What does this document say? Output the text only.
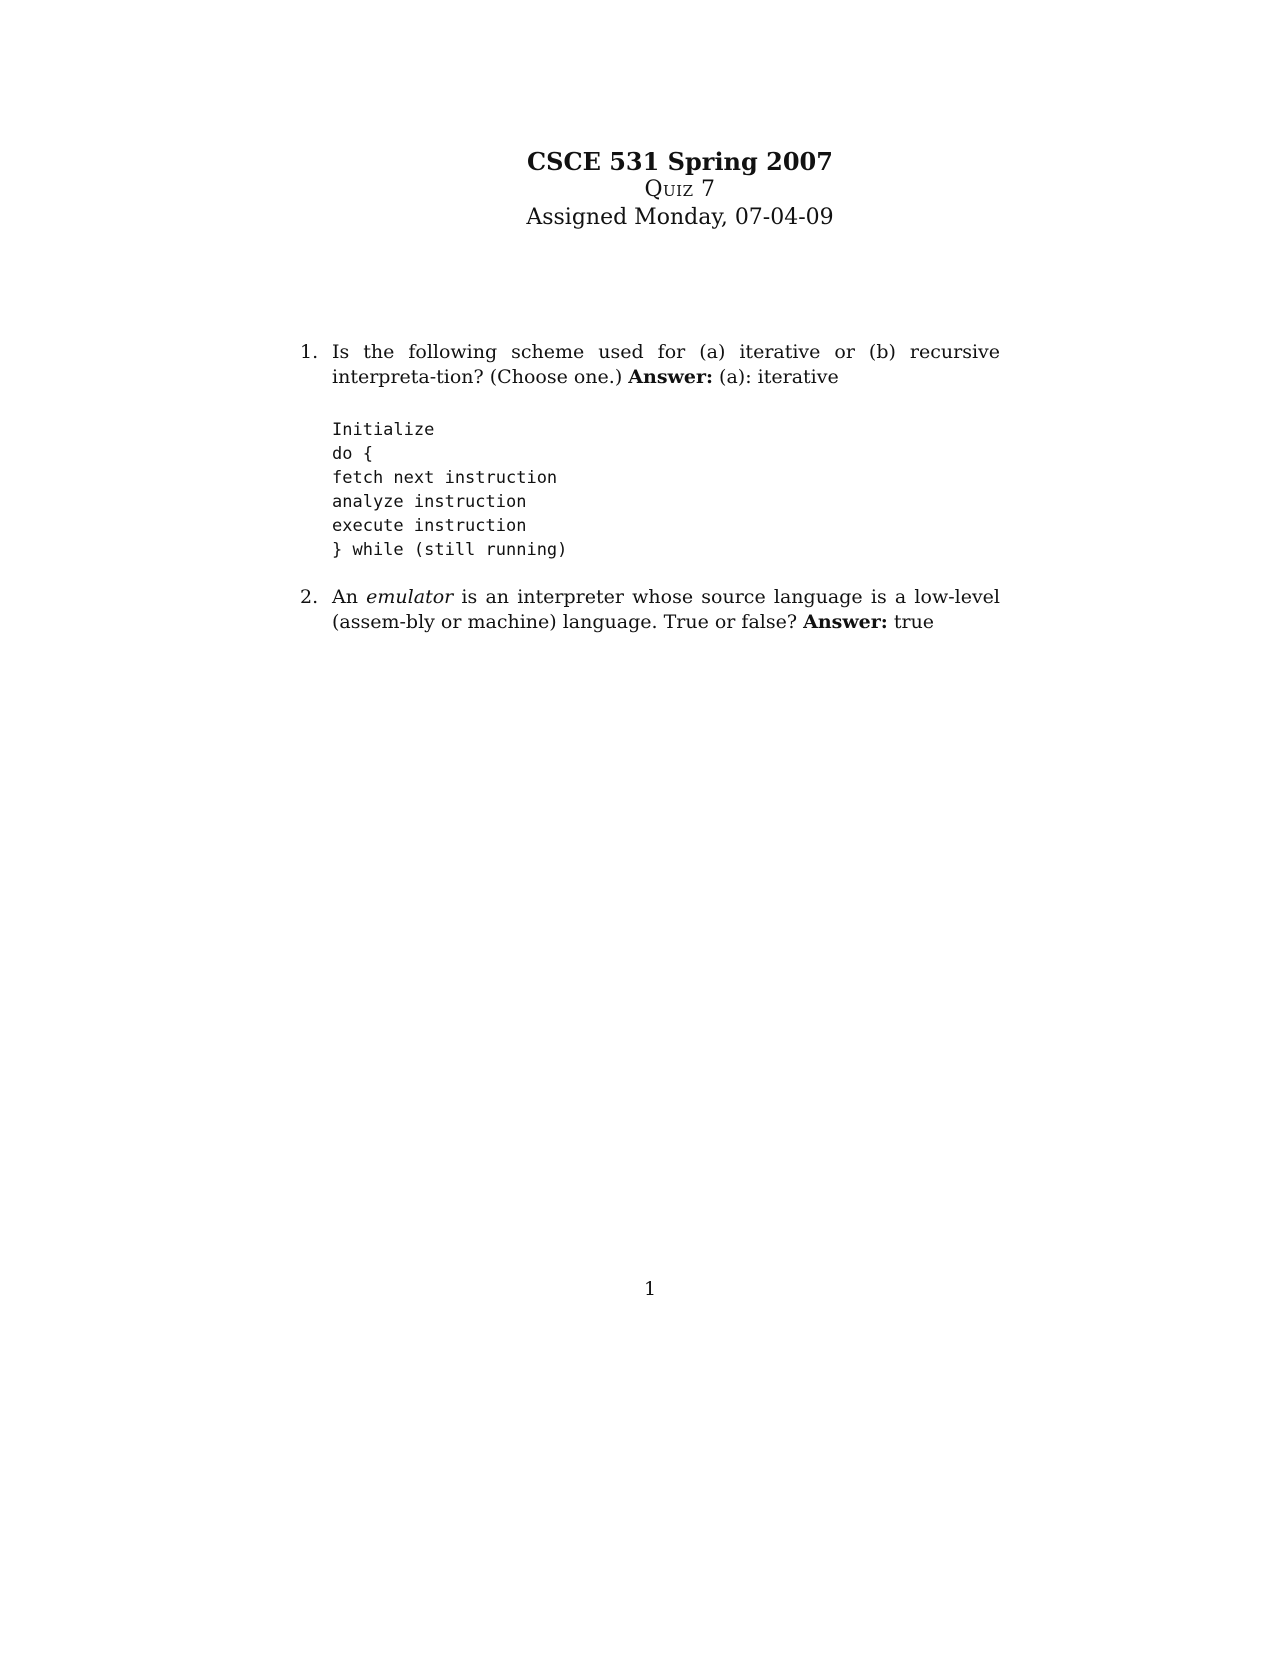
CSCE 531 Spring 2007

Quiz 7

Assigned Monday, 07-04-09

1. Is the following scheme used for (a) iterative or (b) recursive interpreta-tion? (Choose one.) Answer: (a): iterative
Initialize
do {
fetch next instruction
analyze instruction
execute instruction
} while (still running)
2. An emulator is an interpreter whose source language is a low-level (assem-bly or machine) language. True or false? Answer: true
1
